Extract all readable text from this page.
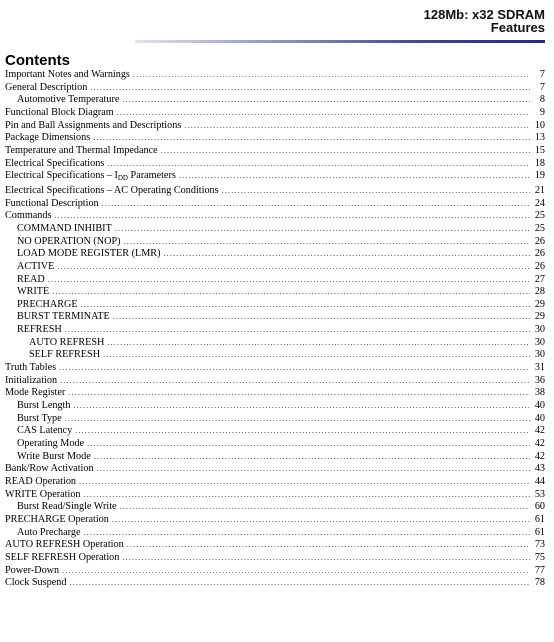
128Mb: x32 SDRAM
Features
Contents
Important Notes and Warnings .....	7
General Description .....	7
Automotive Temperature .....	8
Functional Block Diagram .....	9
Pin and Ball Assignments and Descriptions .....	10
Package Dimensions .....	13
Temperature and Thermal Impedance .....	15
Electrical Specifications .....	18
Electrical Specifications – $I_{DD}$ Parameters .....	19
Electrical Specifications – AC Operating Conditions .....	21
Functional Description .....	24
Commands .....	25
COMMAND INHIBIT .....	25
NO OPERATION (NOP) .....	26
LOAD MODE REGISTER (LMR) .....	26
ACTIVE .....	26
READ .....	27
WRITE .....	28
PRECHARGE .....	29
BURST TERMINATE .....	29
REFRESH .....	30
AUTO REFRESH .....	30
SELF REFRESH .....	30
Truth Tables .....	31
Initialization .....	36
Mode Register .....	38
Burst Length .....	40
Burst Type .....	40
CAS Latency .....	42
Operating Mode .....	42
Write Burst Mode .....	42
Bank/Row Activation .....	43
READ Operation .....	44
WRITE Operation .....	53
Burst Read/Single Write .....	60
PRECHARGE Operation .....	61
Auto Precharge .....	61
AUTO REFRESH Operation .....	73
SELF REFRESH Operation .....	75
Power-Down .....	77
Clock Suspend .....	78
